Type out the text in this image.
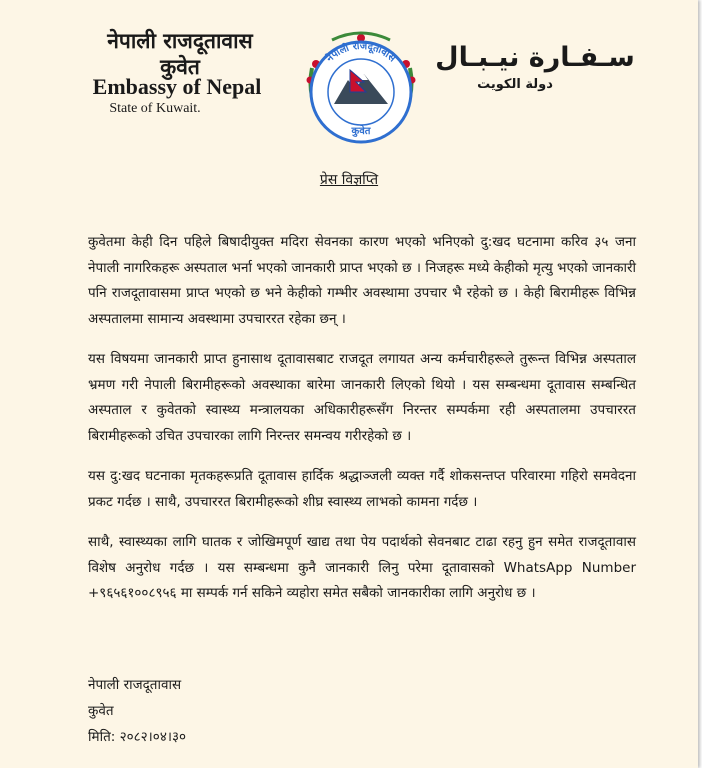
नेपाली राजदूतावास
कुवेत
Embassy of Nepal
State of Kuwait.
नेपाली राजदूतावास
कुवेत
سـفـارة نيـبـال
دولة الكويت
प्रेस विज्ञप्ति

कुवेतमा केही दिन पहिले बिषादीयुक्त मदिरा सेवनका कारण भएको भनिएको दु:खद घटनामा करिव ३५ जना नेपाली नागरिकहरू अस्पताल भर्ना भएको जानकारी प्राप्त भएको छ । निजहरू मध्ये केहीको मृत्यु भएको जानकारी पनि राजदूतावासमा प्राप्त भएको छ भने केहीको गम्भीर अवस्थामा उपचार भै रहेको छ । केही बिरामीहरू विभिन्न अस्पतालमा सामान्य अवस्थामा उपचाररत रहेका छन् ।

यस विषयमा जानकारी प्राप्त हुनासाथ दूतावासबाट राजदूत लगायत अन्य कर्मचारीहरूले तुरून्त विभिन्न अस्पताल भ्रमण गरी नेपाली बिरामीहरूको अवस्थाका बारेमा जानकारी लिएको थियो । यस सम्बन्धमा दूतावास सम्बन्धित अस्पताल र कुवेतको स्वास्थ्य मन्त्रालयका अधिकारीहरूसँग निरन्तर सम्पर्कमा रही अस्पतालमा उपचाररत बिरामीहरूको उचित उपचारका लागि निरन्तर समन्वय गरीरहेको छ ।

यस दु:खद घटनाका मृतकहरूप्रति दूतावास हार्दिक श्रद्धाञ्जली व्यक्त गर्दै शोकसन्तप्त परिवारमा गहिरो समवेदना प्रकट गर्दछ । साथै, उपचाररत बिरामीहरूको शीघ्र स्वास्थ्य लाभको कामना गर्दछ ।

साथै, स्वास्थ्यका लागि घातक र जोखिमपूर्ण खाद्य तथा पेय पदार्थको सेवनबाट टाढा रहनु हुन समेत राजदूतावास विशेष अनुरोध गर्दछ । यस सम्बन्धमा कुनै जानकारी लिनु परेमा दूतावासको WhatsApp Number +९६५६१००८९५६ मा सम्पर्क गर्न सकिने व्यहोरा समेत सबैको जानकारीका लागि अनुरोध छ ।

नेपाली राजदूतावास
कुवेत
मिति: २०८२।०४।३०
